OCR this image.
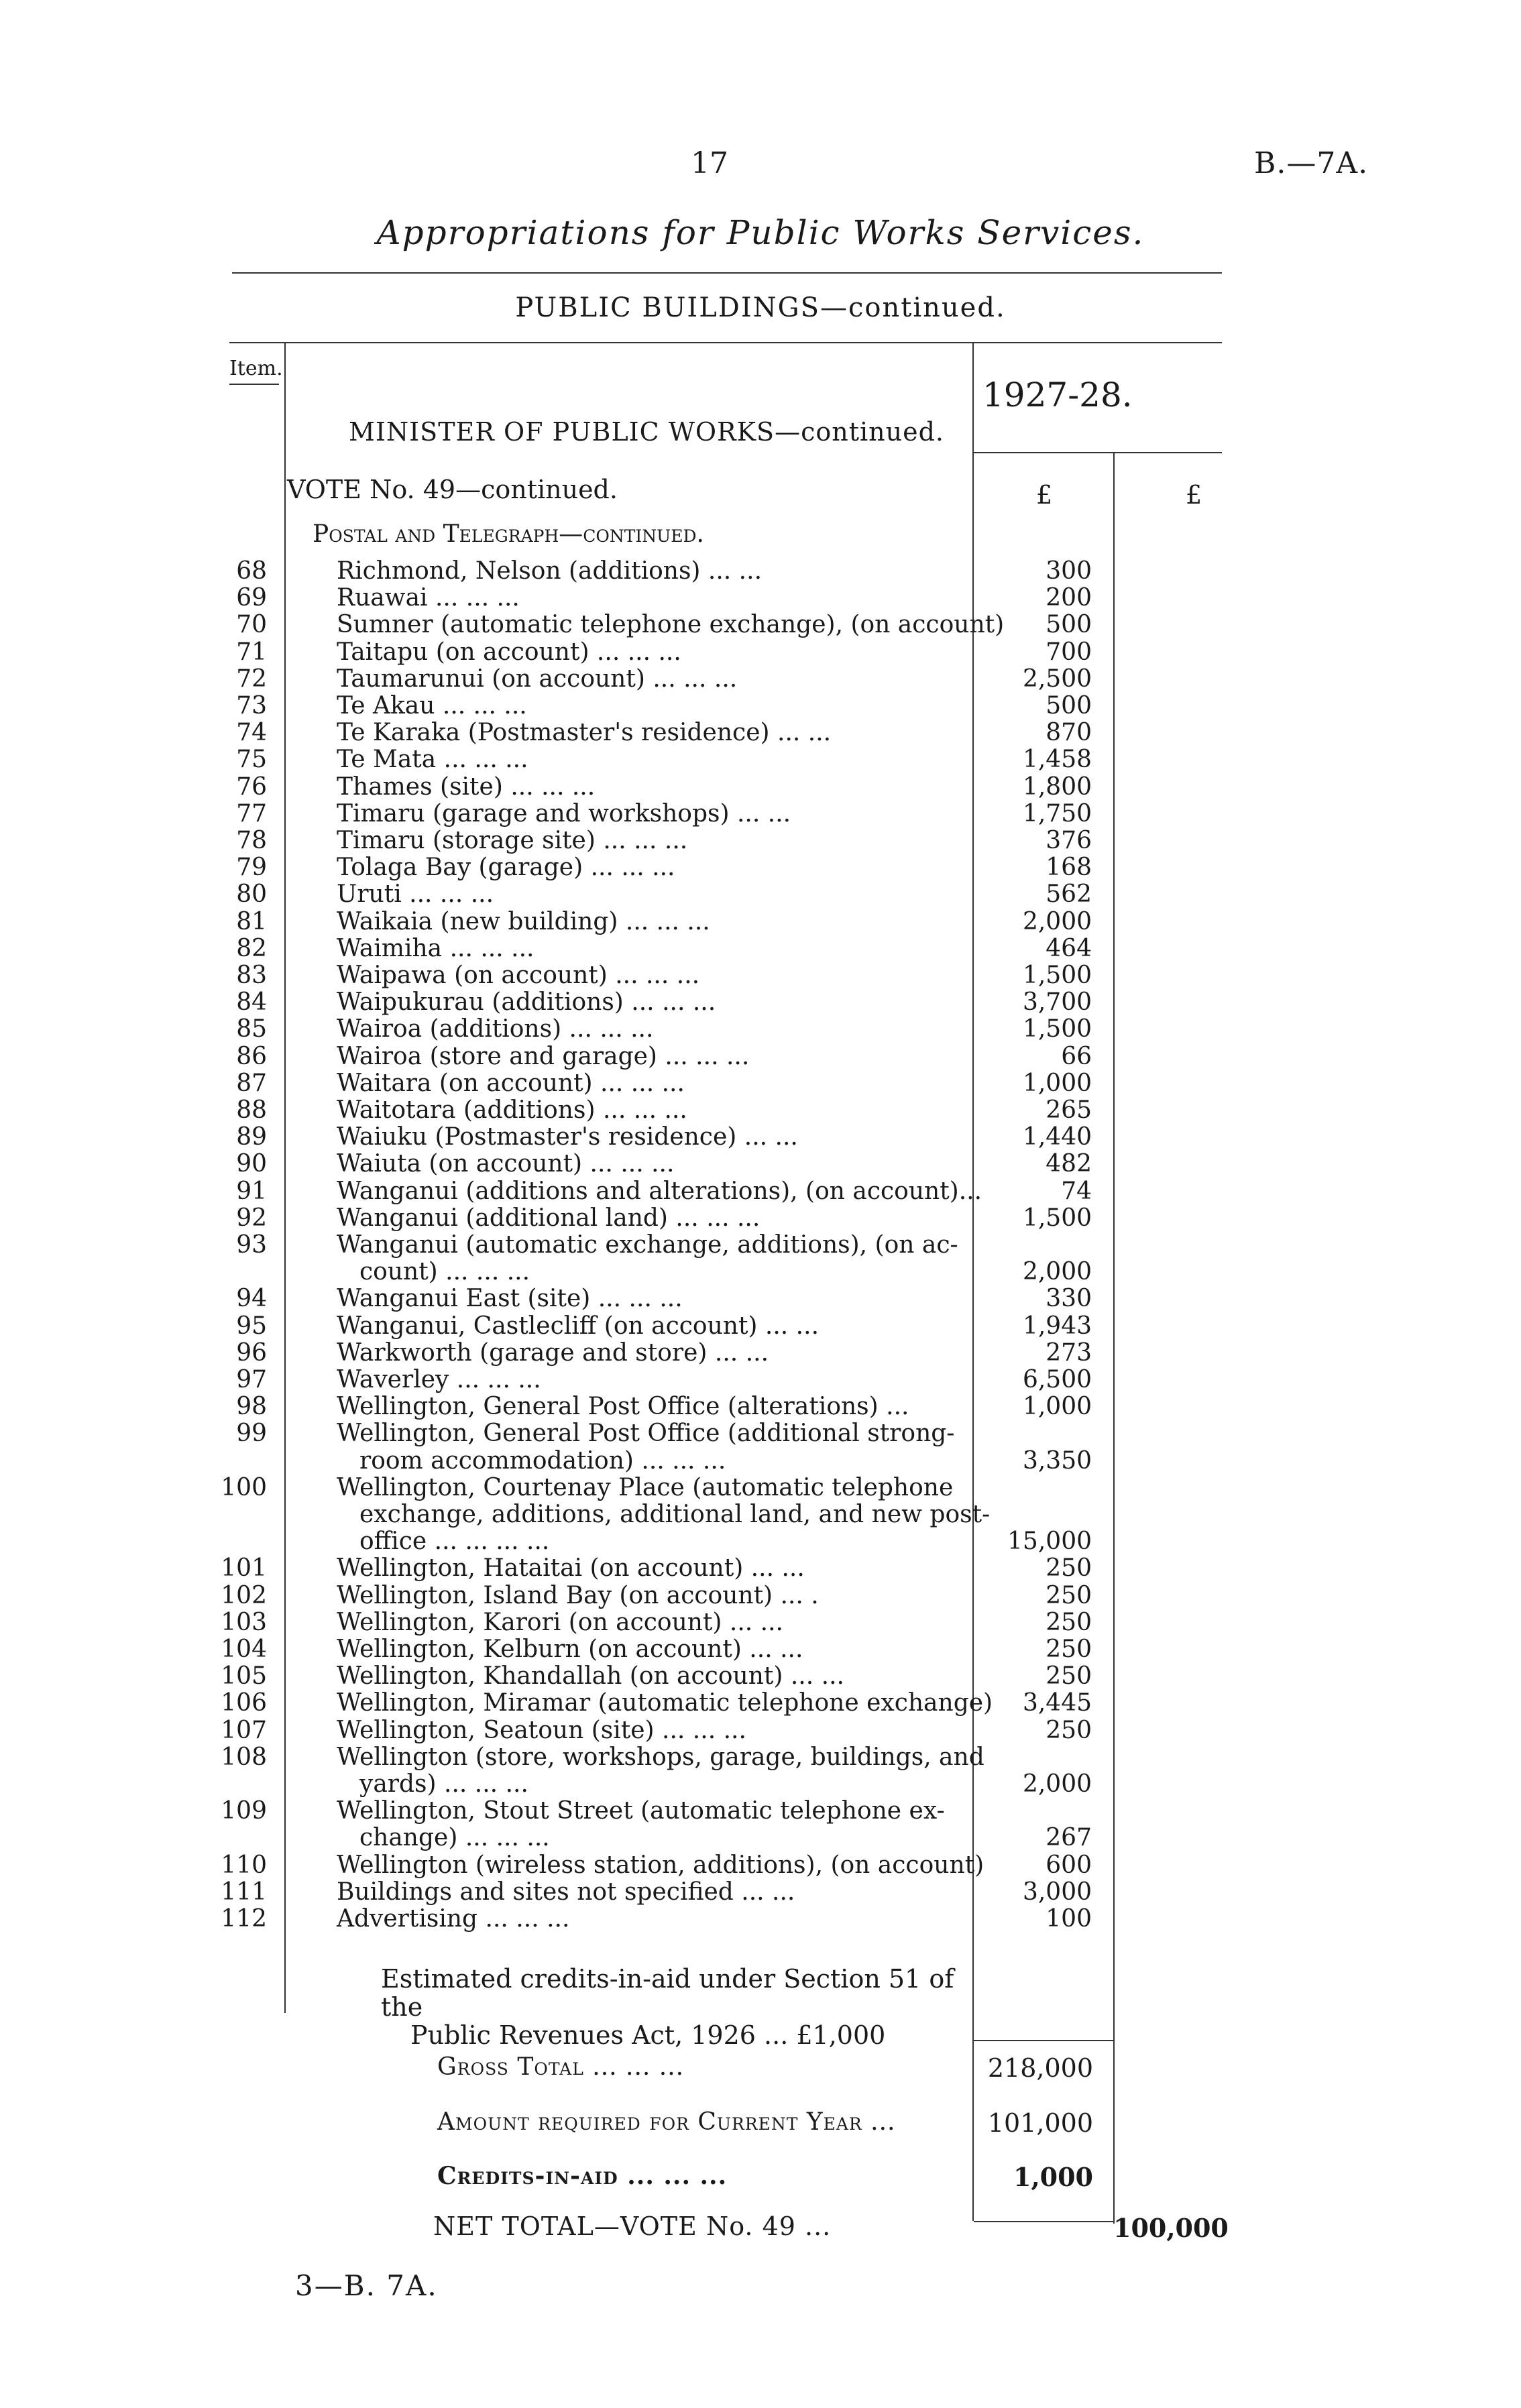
17	B.—7A.
Appropriations for Public Works Services.
PUBLIC BUILDINGS—continued.
Item.
1927-28.
MINISTER OF PUBLIC WORKS—continued.
VOTE No. 49—continued.	£	£
Postal and Telegraph—continued.
68	Richmond, Nelson (additions) ... ...	300
69	Ruawai ... ... ...	200
70	Sumner (automatic telephone exchange), (on account) 500
71	Taitapu (on account) ... ... ...	700
72	Taumarunui (on account) ... ... ...	2,500
73	Te Akau ... ... ...	500
74	Te Karaka (Postmaster's residence) ... ...	870
75	Te Mata ... ... ...	1,458
76	Thames (site) ... ... ...	1,800
77	Timaru (garage and workshops) ... ...	1,750
78	Timaru (storage site) ... ... ...	376
79	Tolaga Bay (garage) ... ... ...	168
80	Uruti ... ... ...	562
81	Waikaia (new building) ... ... ...	2,000
82	Waimiha ... ... ...	464
83	Waipawa (on account) ... ... ...	1,500
84	Waipukurau (additions) ... ... ...	3,700
85	Wairoa (additions) ... ... ...	1,500
86	Wairoa (store and garage) ... ... ...	66
87	Waitara (on account) ... ... ...	1,000
88	Waitotara (additions) ... ... ...	265
89	Waiuku (Postmaster's residence) ... ...	1,440
90	Waiuta (on account) ... ... ...	482
91	Wanganui (additions and alterations), (on account)...	74
92	Wanganui (additional land) ... ... ...	1,500
93	Wanganui (automatic exchange, additions), (on ac-
count) ... ... ...	2,000
94	Wanganui East (site) ... ... ...	330
95	Wanganui, Castlecliff (on account) ... ...	1,943
96	Warkworth (garage and store) ... ...	273
97	Waverley ... ... ...	6,500
98	Wellington, General Post Office (alterations) ...	1,000
99	Wellington, General Post Office (additional strong-
room accommodation) ... ... ...	3,350
100	Wellington, Courtenay Place (automatic telephone
exchange, additions, additional land, and new post-
office ... ... ... ...	15,000
101	Wellington, Hataitai (on account) ... ...	250
102	Wellington, Island Bay (on account) ... .	250
103	Wellington, Karori (on account) ... ...	250
104	Wellington, Kelburn (on account) ... ...	250
105	Wellington, Khandallah (on account) ... ...	250
106	Wellington, Miramar (automatic telephone exchange) 3,445
107	Wellington, Seatoun (site) ... ... ...	250
108	Wellington (store, workshops, garage, buildings, and
yards) ... ... ...	2,000
109	Wellington, Stout Street (automatic telephone ex-
change) ... ... ...	267
110	Wellington (wireless station, additions), (on account)	600
111	Buildings and sites not specified ... ...	3,000
112	Advertising ... ... ...	100
Estimated credits-in-aid under Section 51 of the
Public Revenues Act, 1926 ... £1,000
Gross Total ... ... ...	218,000
Amount required for Current Year ...	101,000
Credits-in-aid ... ... ...	1,000
NET TOTAL—VOTE No. 49 ...	100,000
3—B. 7A.
